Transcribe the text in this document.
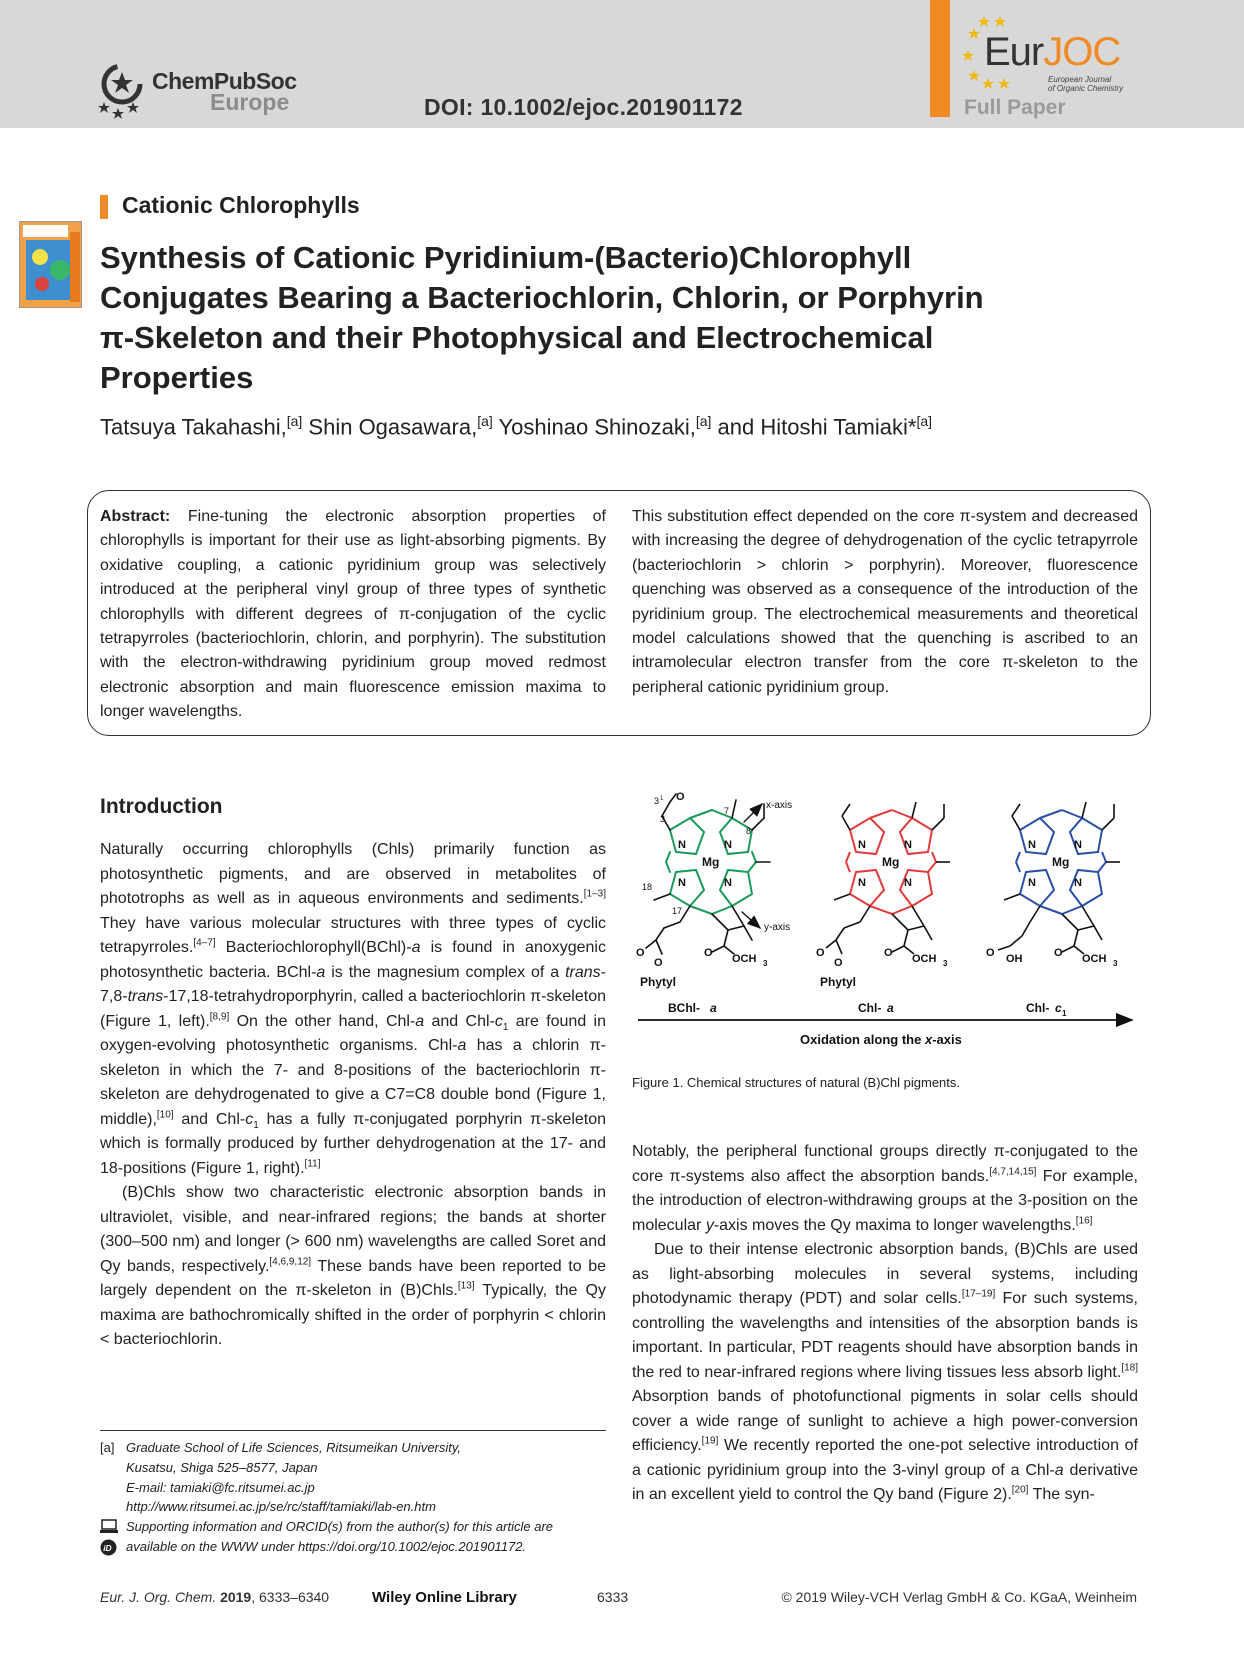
ChemPubSoc
Europe	DOI: 10.1002/ejoc.201901172
EurJOC
European Journal
of Organic Chemistry
Full Paper
Cationic Chlorophylls
Synthesis of Cationic Pyridinium-(Bacterio)Chlorophyll
Conjugates Bearing a Bacteriochlorin, Chlorin, or Porphyrin
π-Skeleton and their Photophysical and Electrochemical
Properties
Tatsuya Takahashi,[a] Shin Ogasawara,[a] Yoshinao Shinozaki,[a] and Hitoshi Tamiaki*[a]
Abstract: Fine-tuning the electronic absorption properties of chlorophylls is important for their use as light-absorbing pigments. By oxidative coupling, a cationic pyridinium group was selectively introduced at the peripheral vinyl group of three types of synthetic chlorophylls with different degrees of π-conjugation of the cyclic tetrapyrroles (bacteriochlorin, chlorin, and porphyrin). The substitution with the electron-withdrawing pyridinium group moved redmost electronic absorption and main fluorescence emission maxima to longer wavelengths.
This substitution effect depended on the core π-system and decreased with increasing the degree of dehydrogenation of the cyclic tetrapyrrole (bacteriochlorin > chlorin > porphyrin). Moreover, fluorescence quenching was observed as a consequence of the introduction of the pyridinium group. The electrochemical measurements and theoretical model calculations showed that the quenching is ascribed to an intramolecular electron transfer from the core π-skeleton to the peripheral cationic pyridinium group.
Introduction

Naturally occurring chlorophylls (Chls) primarily function as photosynthetic pigments, and are observed in metabolites of phototrophs as well as in aqueous environments and sediments.[1–3] They have various molecular structures with three types of cyclic tetrapyrroles.[4–7] Bacteriochlorophyll(BChl)-a is found in anoxygenic photosynthetic bacteria. BChl-a is the magnesium complex of a trans-7,8-trans-17,18-tetrahydroporphyrin, called a bacteriochlorin π-skeleton (Figure 1, left).[8,9] On the other hand, Chl-a and Chl-$c_1$ are found in oxygen-evolving photosynthetic organisms. Chl-a has a chlorin π-skeleton in which the 7- and 8-positions of the bacteriochlorin π-skeleton are dehydrogenated to give a C7=C8 double bond (Figure 1, middle),[10] and Chl-$c_1$ has a fully π-conjugated porphyrin π-skeleton which is formally produced by further dehydrogenation at the 17- and 18-positions (Figure 1, right).[11]

(B)Chls show two characteristic electronic absorption bands in ultraviolet, visible, and near-infrared regions; the bands at shorter (300–500 nm) and longer (> 600 nm) wavelengths are called Soret and Qy bands, respectively.[4,6,9,12] These bands have been reported to be largely dependent on the π-skeleton in (B)Chls.[13] Typically, the Qy maxima are bathochromically shifted in the order of porphyrin < chlorin < bacteriochlorin.

Mg
N	N
N	N
O
OCH 3
O
O
O
Phytyl
BChl- a
3 1
3
7
8
18
17
x-axis
y-axis
Mg
N	N
N	N
OCH 3
O
O
O
Phytyl
Chl- a
Mg
N	N
N	N
OCH 3
O
O OH
Chl- c 1
Oxidation along the x-axis
Figure 1. Chemical structures of natural (B)Chl pigments.

Notably, the peripheral functional groups directly π-conjugated to the core π-systems also affect the absorption bands.[4,7,14,15] For example, the introduction of electron-withdrawing groups at the 3-position on the molecular y-axis moves the Qy maxima to longer wavelengths.[16]

Due to their intense electronic absorption bands, (B)Chls are used as light-absorbing molecules in several systems, including photodynamic therapy (PDT) and solar cells.[17–19] For such systems, controlling the wavelengths and intensities of the absorption bands is important. In particular, PDT reagents should have absorption bands in the red to near-infrared regions where living tissues less absorb light.[18] Absorption bands of photofunctional pigments in solar cells should cover a wide range of sunlight to achieve a high power-conversion efficiency.[19] We recently reported the one-pot selective introduction of a cationic pyridinium group into the 3-vinyl group of a Chl-a derivative in an excellent yield to control the Qy band (Figure 2).[20] The syn-

[a] Graduate School of Life Sciences, Ritsumeikan University,
Kusatsu, Shiga 525–8577, Japan
E-mail: tamiaki@fc.ritsumei.ac.jp
http://www.ritsumei.ac.jp/se/rc/staff/tamiaki/lab-en.htm
iD
Supporting information and ORCID(s) from the author(s) for this article are
available on the WWW under https://doi.org/10.1002/ejoc.201901172.
Eur. J. Org. Chem. 2019, 6333–6340	Wiley Online Library	6333	© 2019 Wiley-VCH Verlag GmbH & Co. KGaA, Weinheim
